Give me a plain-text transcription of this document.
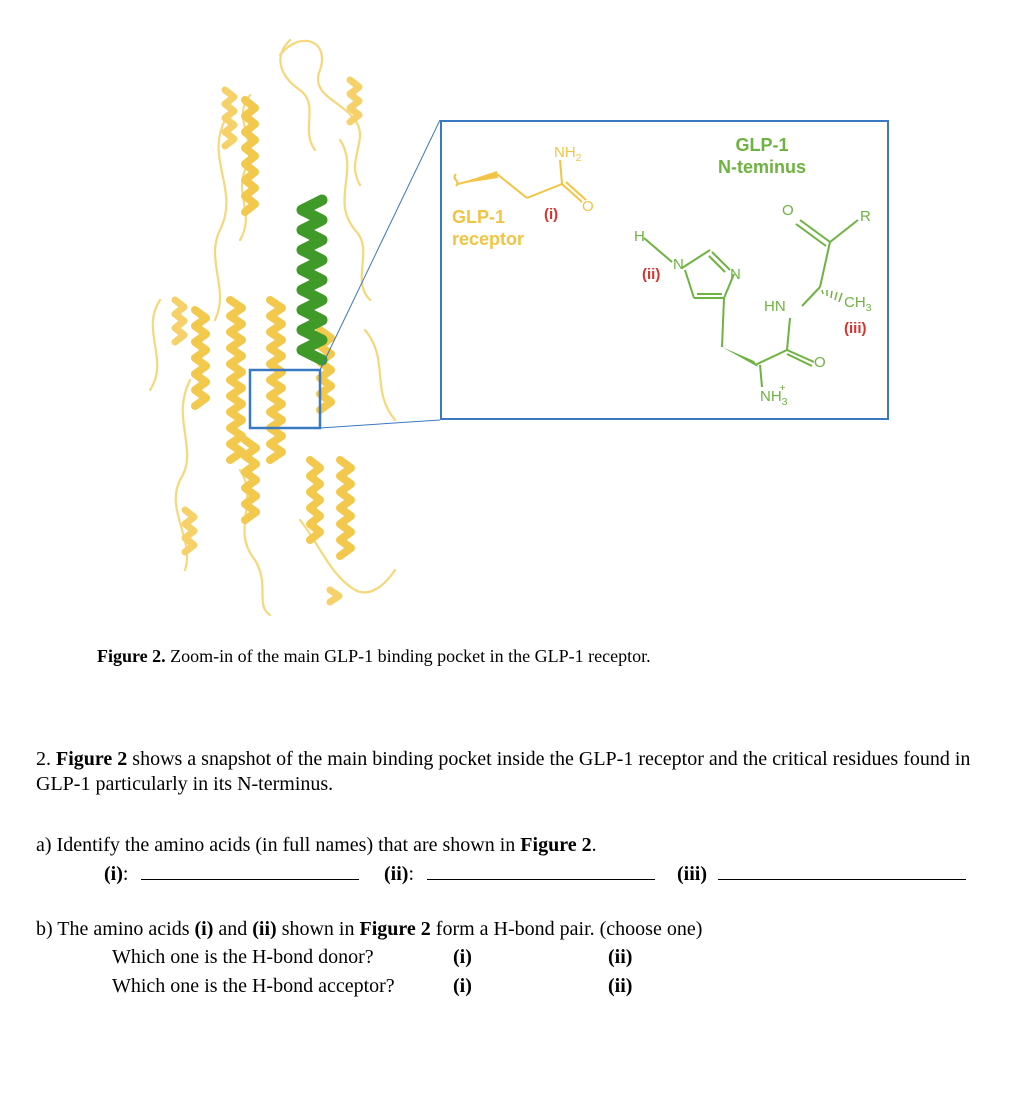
GLP-1
receptor
$NH_2$
O
(i)
H
(ii)
N
N
GLP-1
N-teminus
O	R
HN	$CH_3$
(iii)
O
$NH_3^+$
Figure 2. Zoom-in of the main GLP-1 binding pocket in the GLP-1 receptor.
2. Figure 2 shows a snapshot of the main binding pocket inside the GLP-1 receptor and the critical residues found in GLP-1 particularly in its N-terminus.
a) Identify the amino acids (in full names) that are shown in Figure 2.
(i):	(ii):	(iii)
b) The amino acids (i) and (ii) shown in Figure 2 form a H-bond pair. (choose one)
Which one is the H-bond donor?	(i)	(ii)
Which one is the H-bond acceptor?	(i)	(ii)
